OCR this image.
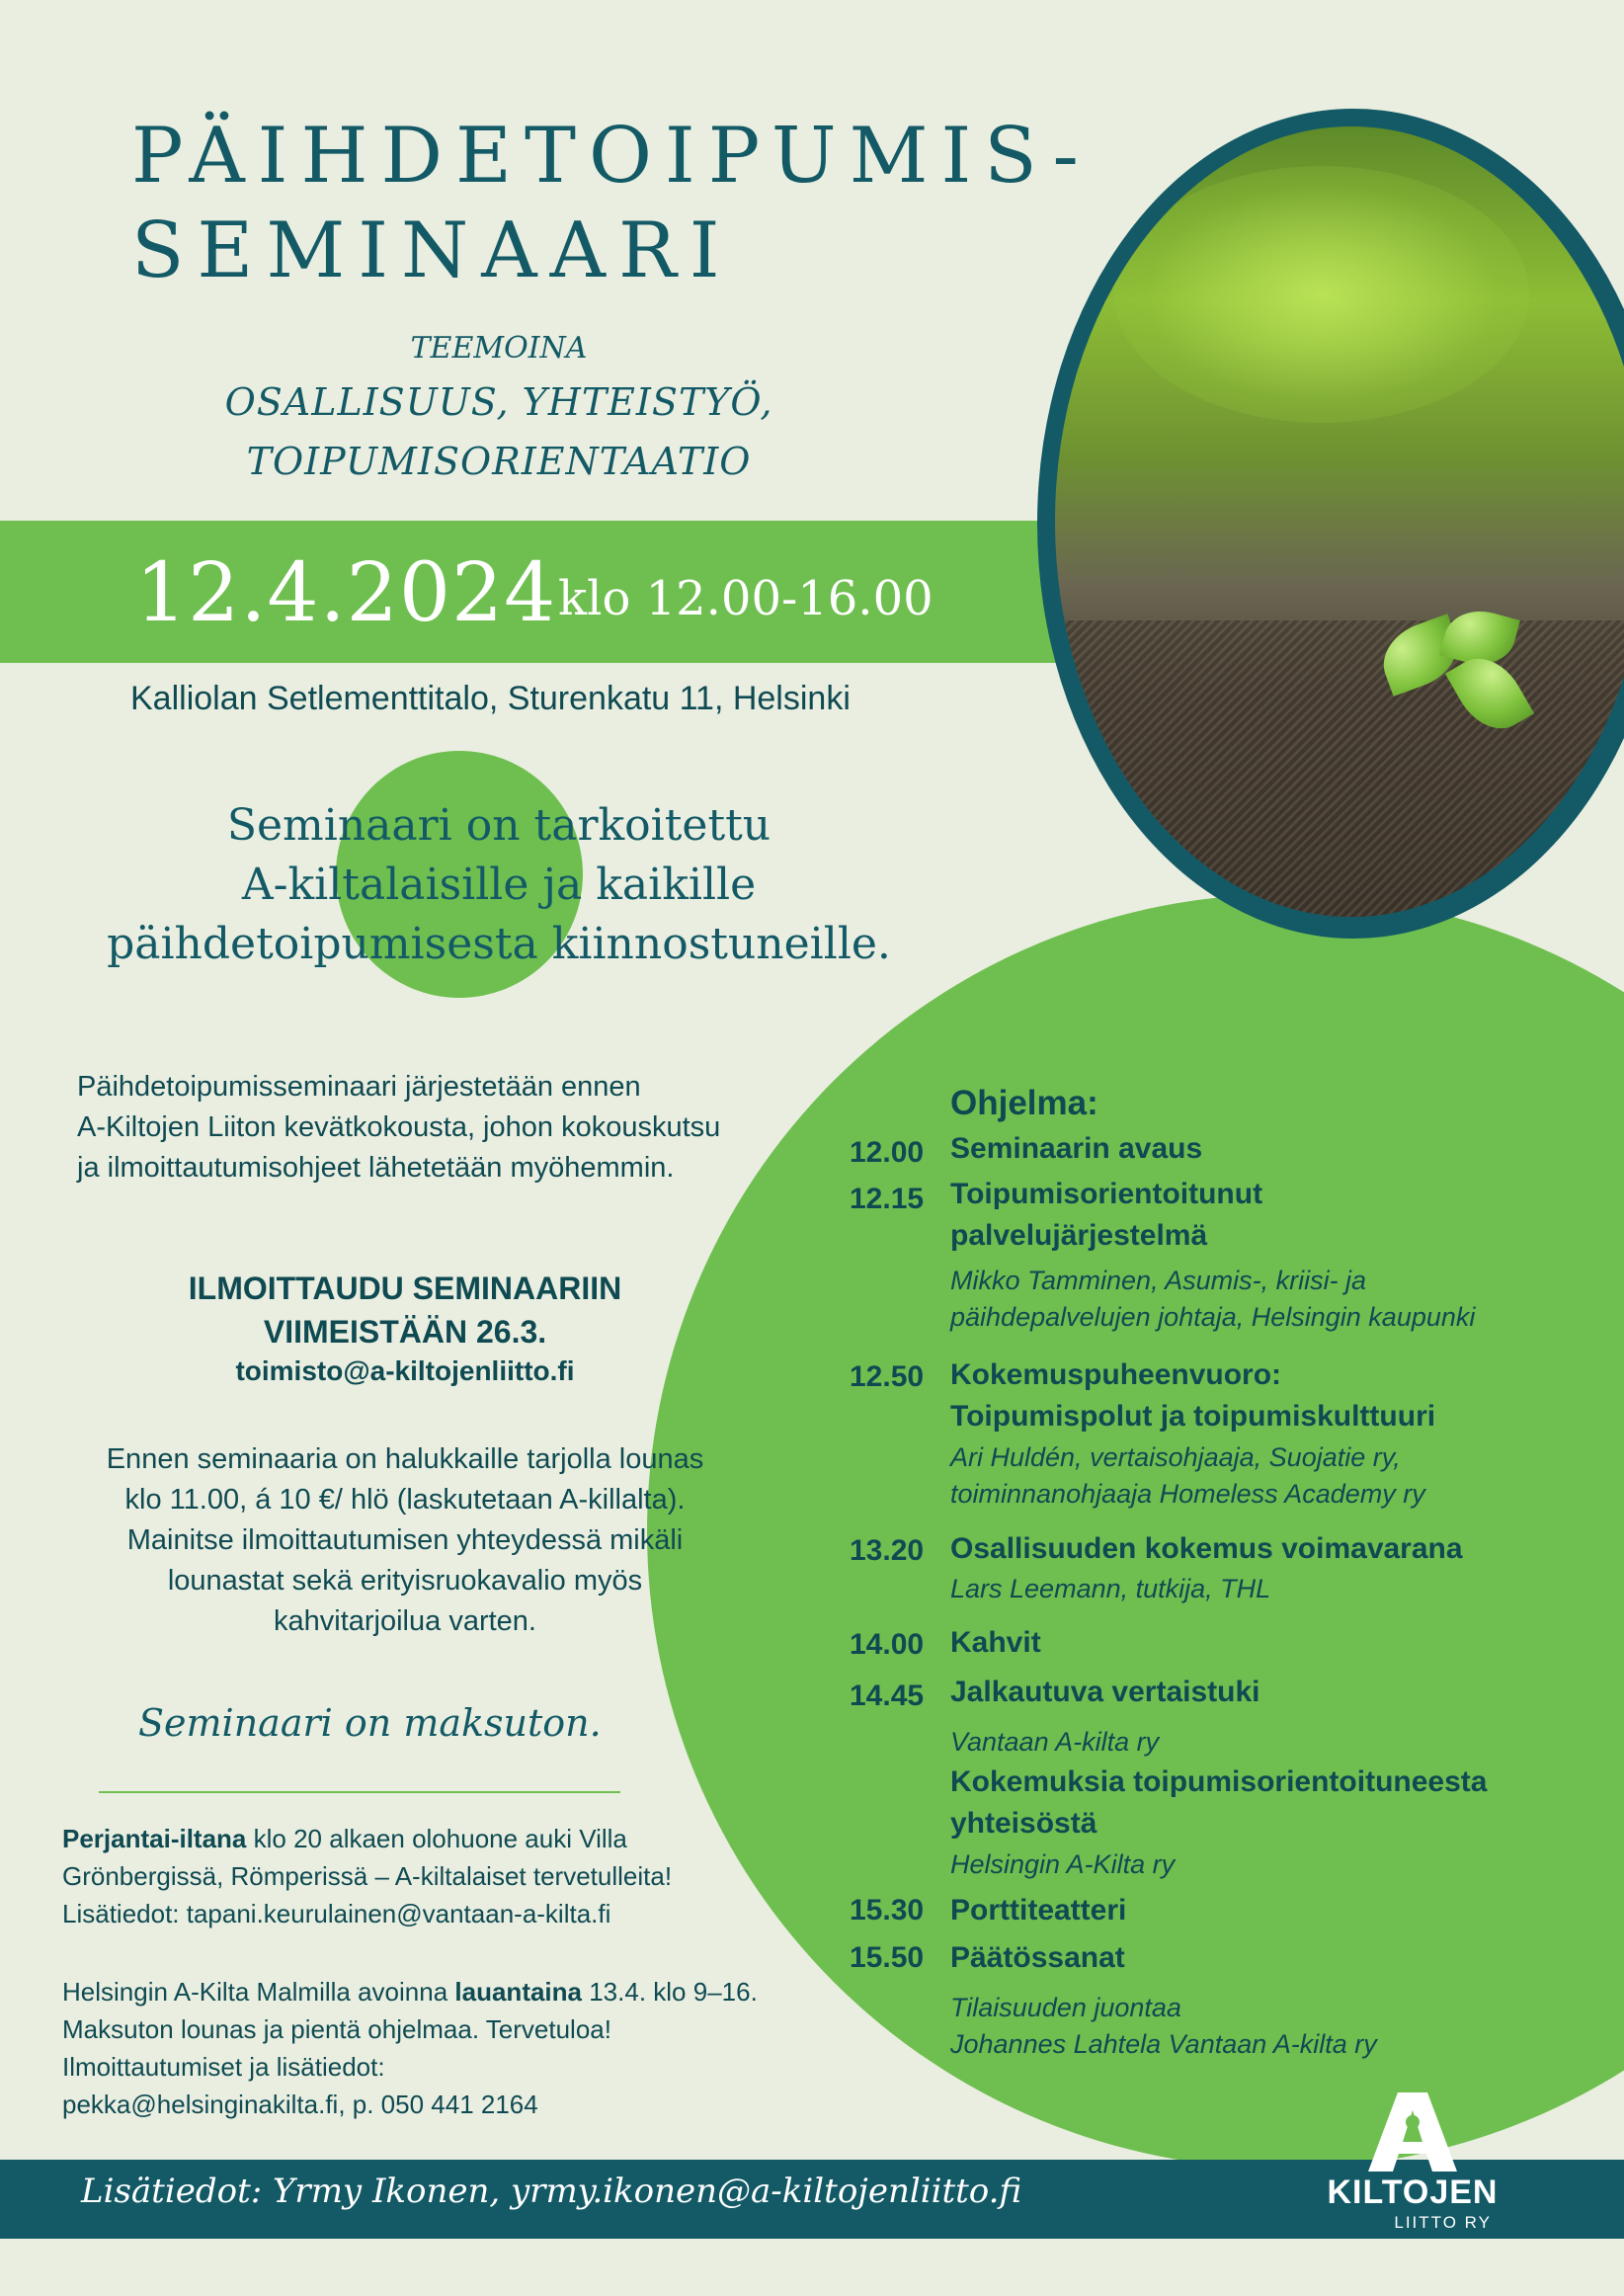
PÄIHDETOIPUMIS-
SEMINAARI
TEEMOINA
OSALLISUUS, YHTEISTYÖ,
TOIPUMISORIENTAATIO
12.4.2024 klo 12.00-16.00
Kalliolan Setlementtitalo, Sturenkatu 11, Helsinki
Seminaari on tarkoitettu
A-kiltalaisille ja kaikille
päihdetoipumisesta kiinnostuneille.
Päihdetoipumisseminaari järjestetään ennen
A-Kiltojen Liiton kevätkokousta, johon kokouskutsu
ja ilmoittautumisohjeet lähetetään myöhemmin.
ILMOITTAUDU SEMINAARIIN
VIIMEISTÄÄN 26.3.
toimisto@a-kiltojenliitto.fi
Ennen seminaaria on halukkaille tarjolla lounas
klo 11.00, á 10 €/ hlö (laskutetaan A-killalta).
Mainitse ilmoittautumisen yhteydessä mikäli
lounastat sekä erityisruokavalio myös
kahvitarjoilua varten.
Seminaari on maksuton.
Perjantai-iltana klo 20 alkaen olohuone auki Villa
Grönbergissä, Römperissä – A-kiltalaiset tervetulleita!
Lisätiedot: tapani.keurulainen@vantaan-a-kilta.fi
Helsingin A-Kilta Malmilla avoinna lauantaina 13.4. klo 9–16.
Maksuton lounas ja pientä ohjelmaa. Tervetuloa!
Ilmoittautumiset ja lisätiedot:
pekka@helsinginakilta.fi, p. 050 441 2164
Ohjelma:
12.00 Seminaarin avaus
12.15 Toipumisorientoitunut
palvelujärjestelmä
Mikko Tamminen, Asumis-, kriisi- ja
päihdepalvelujen johtaja, Helsingin kaupunki
12.50 Kokemuspuheenvuoro:
Toipumispolut ja toipumiskulttuuri
Ari Huldén, vertaisohjaaja, Suojatie ry,
toiminnanohjaaja Homeless Academy ry
13.20 Osallisuuden kokemus voimavarana
Lars Leemann, tutkija, THL
14.00 Kahvit
14.45 Jalkautuva vertaistuki
Vantaan A-kilta ry
Kokemuksia toipumisorientoituneesta
yhteisöstä
Helsingin A-Kilta ry
15.30 Porttiteatteri
15.50 Päätössanat
Tilaisuuden juontaa
Johannes Lahtela Vantaan A-kilta ry
Lisätiedot: Yrmy Ikonen, yrmy.ikonen@a-kiltojenliitto.fi	KILTOJEN
LIITTO RY
